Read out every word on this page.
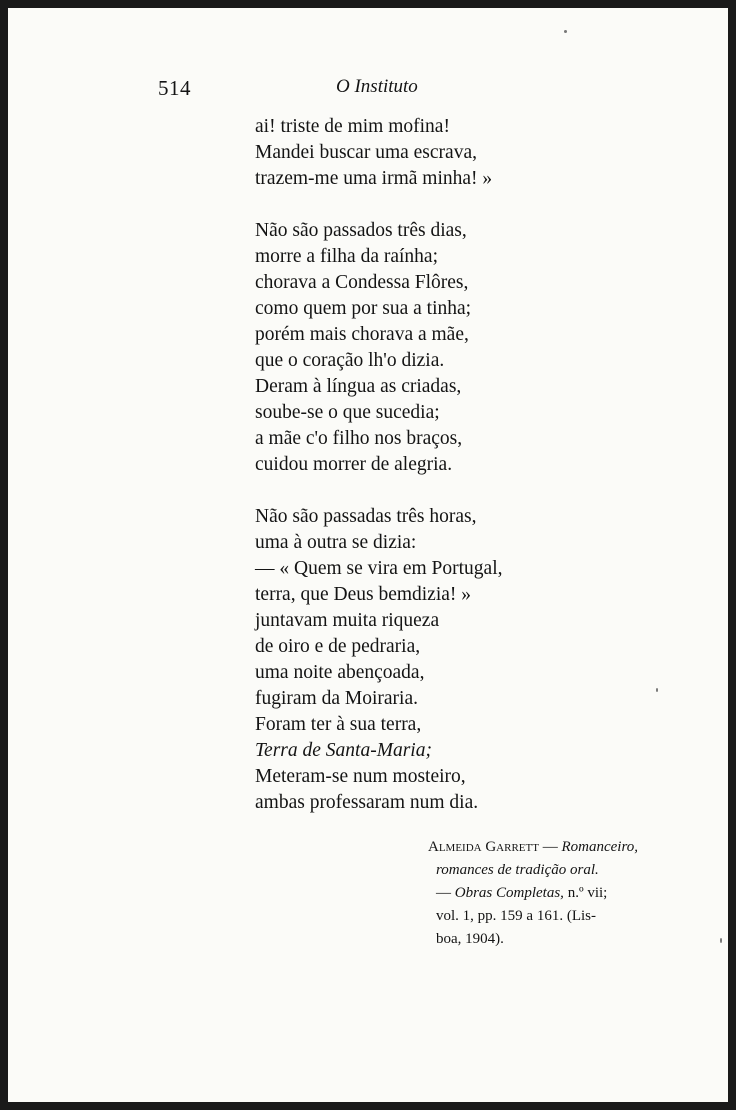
514	O Instituto
ai! triste de mim mofina!
Mandei buscar uma escrava,
trazem-me uma irmã minha! »
Não são passados três dias,
morre a filha da raínha;
chorava a Condessa Flôres,
como quem por sua a tinha;
porém mais chorava a mãe,
que o coração lh'o dizia.
Deram à língua as criadas,
soube-se o que sucedia;
a mãe c'o filho nos braços,
cuidou morrer de alegria.
Não são passadas três horas,
uma à outra se dizia:
— « Quem se vira em Portugal,
terra, que Deus bemdizia! »
juntavam muita riqueza
de oiro e de pedraria,
uma noite abençoada,
fugiram da Moiraria.
Foram ter à sua terra,
Terra de Santa-Maria;
Meteram-se num mosteiro,
ambas professaram num dia.
Almeida Garrett — Romanceiro,
romances de tradição oral.
— Obras Completas, n.º vii;
vol. 1, pp. 159 a 161. (Lis-
boa, 1904).
